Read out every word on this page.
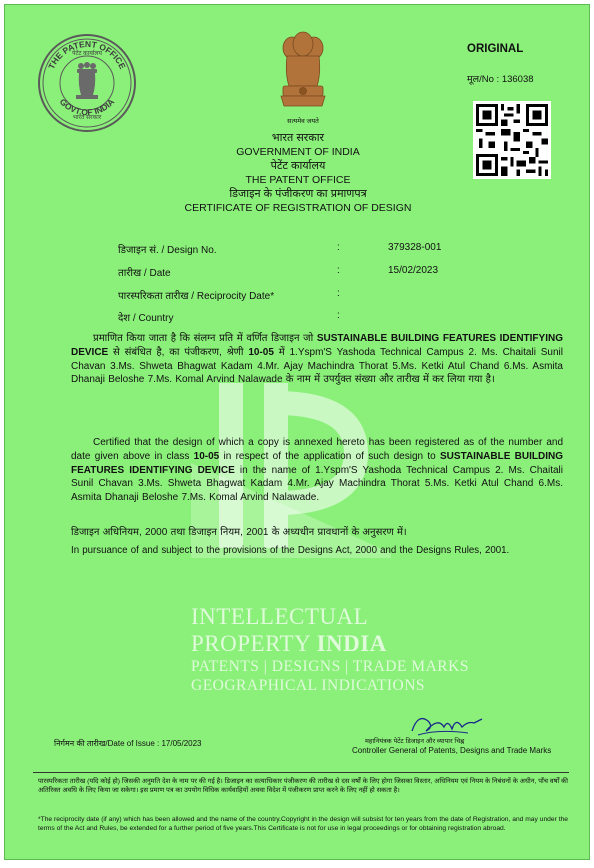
INTELLECTUAL
PROPERTY INDIA
PATENTS | DESIGNS | TRADE MARKS
GEOGRAPHICAL INDICATIONS
THE PATENT OFFICE
GOVT.OF INDIA
पेटेंट कार्यालय
भारत सरकार	सत्यमेव जयते
ORIGINAL
मूल/No : 136038
भारत सरकार
GOVERNMENT OF INDIA
पेटेंट कार्यालय
THE PATENT OFFICE
डिजाइन के पंजीकरण का प्रमाणपत्र
CERTIFICATE OF REGISTRATION OF DESIGN
डिजाइन सं. / Design No.	:	379328-001
तारीख / Date	:	15/02/2023
पारस्परिकता तारीख / Reciprocity Date*	:
देश / Country	:
प्रमाणित किया जाता है कि संलग्न प्रति में वर्णित डिजाइन जो SUSTAINABLE BUILDING FEATURES IDENTIFYING DEVICE से संबंधित है, का पंजीकरण, श्रेणी 10-05 में 1.Yspm'S Yashoda Technical Campus 2. Ms. Chaitali Sunil Chavan 3.Ms. Shweta Bhagwat Kadam 4.Mr. Ajay Machindra Thorat 5.Ms. Ketki Atul Chand 6.Ms. Asmita Dhanaji Beloshe 7.Ms. Komal Arvind Nalawade के नाम में उपर्युक्त संख्या और तारीख में कर लिया गया है।
Certified that the design of which a copy is annexed hereto has been registered as of the number and date given above in class 10-05 in respect of the application of such design to SUSTAINABLE BUILDING FEATURES IDENTIFYING DEVICE in the name of 1.Yspm'S Yashoda Technical Campus 2. Ms. Chaitali Sunil Chavan 3.Ms. Shweta Bhagwat Kadam 4.Mr. Ajay Machindra Thorat 5.Ms. Ketki Atul Chand 6.Ms. Asmita Dhanaji Beloshe 7.Ms. Komal Arvind Nalawade.
डिजाइन अधिनियम, 2000 तथा डिजाइन नियम, 2001 के अध्यधीन प्रावधानों के अनुसरण में।
In pursuance of and subject to the provisions of the Designs Act, 2000 and the Designs Rules, 2001.
निर्गमन की तारीख/Date of Issue : 17/05/2023	महानियंत्रक पेटेंट डिजाइन और व्यापार चिह्न
Controller General of Patents, Designs and Trade Marks
पारस्परिकता तारीख (यदि कोई हो) जिसकी अनुमति देश के नाम पर की गई है। डिजाइन का सत्याधिकार पंजीकरण की तारीख से दस वर्षों के लिए होगा जिसका विस्तार, अधिनियम एवं नियम के निबंधनों के अधीन, पाँच वर्षों की अतिरिक्त अवधि के लिए किया जा सकेगा। इस प्रमाण पत्र का उपयोग विधिक कार्यवाहियों अथवा विदेश में पंजीकरण प्राप्त करने के लिए नहीं हो सकता है।
*The reciprocity date (if any) which has been allowed and the name of the country.Copyright in the design will subsist for ten years from the date of Registration, and may under the terms of the Act and Rules, be extended for a further period of five years.This Certificate is not for use in legal proceedings or for obtaining registration abroad.
